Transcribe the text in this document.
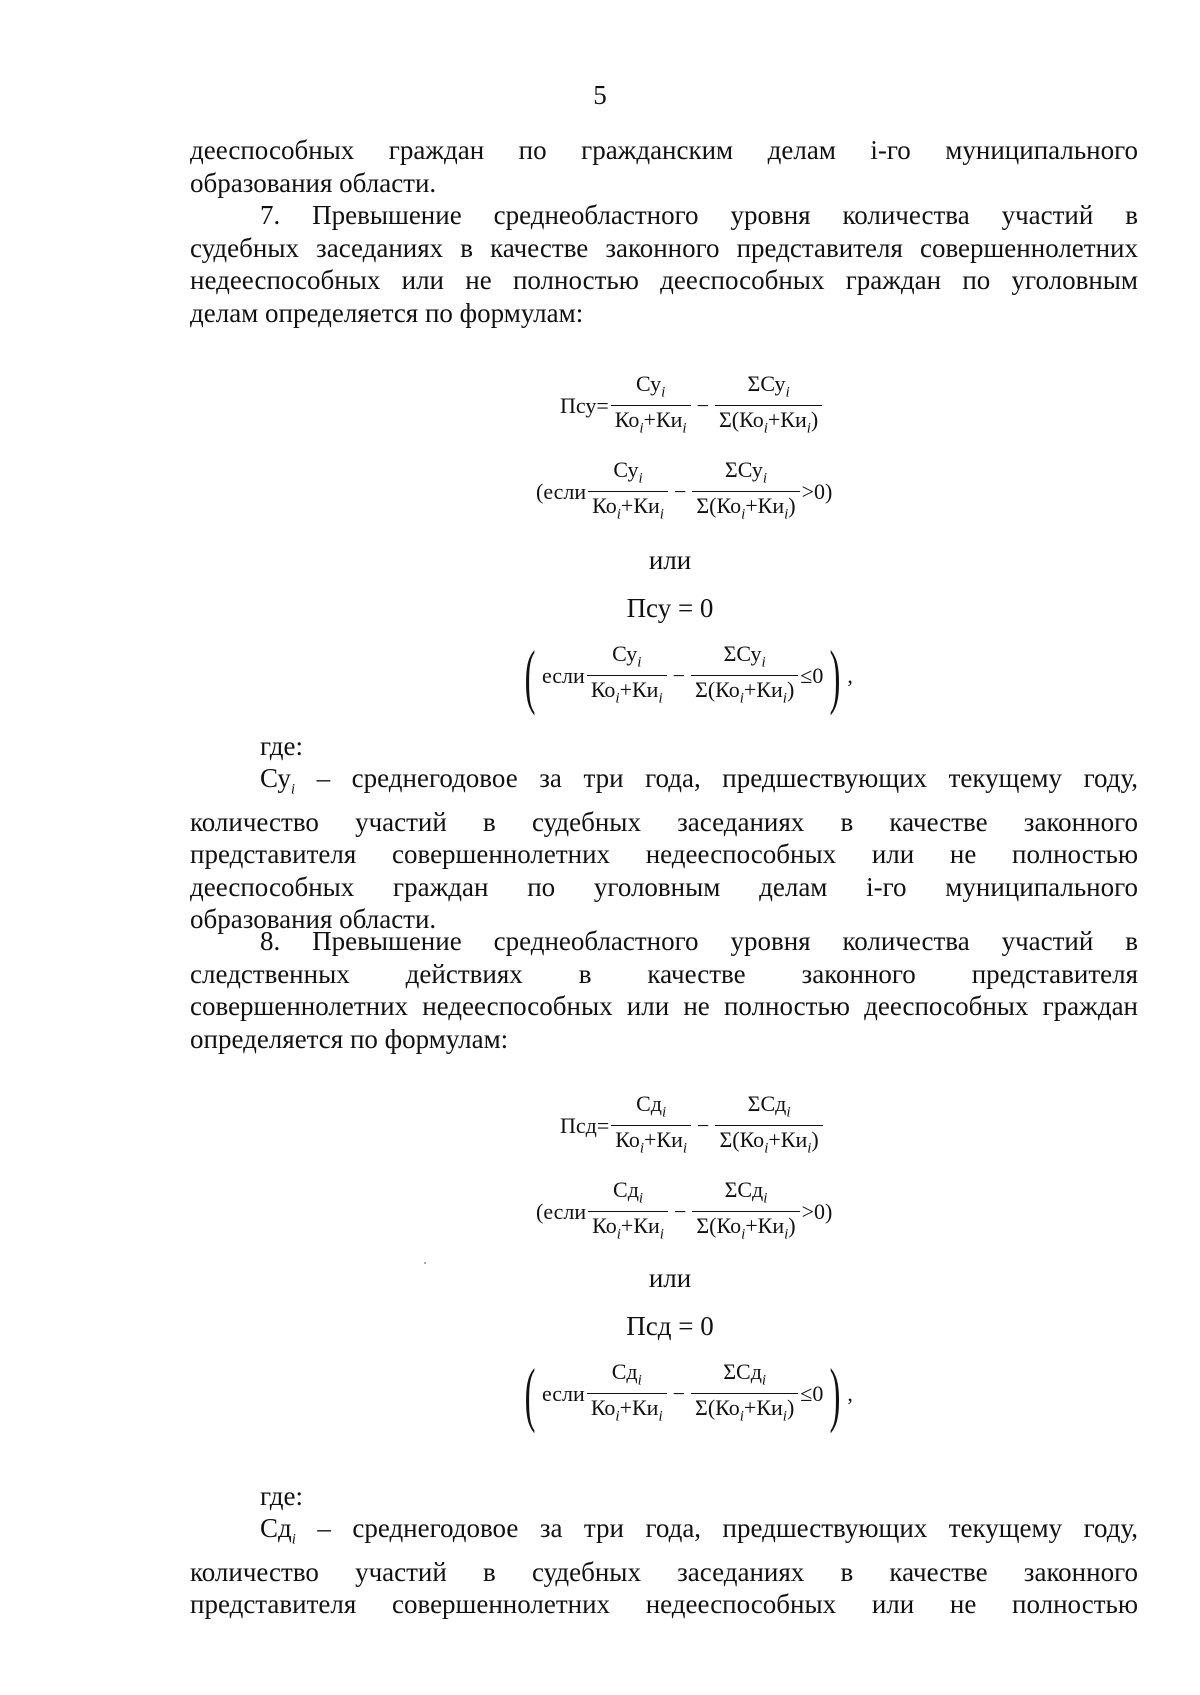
5

дееспособных граждан по гражданским делам i-го муниципального
образования области.

7. Превышение среднеобластного уровня количества участий в
судебных заседаниях в качестве законного представителя совершеннолетних
недееспособных или не полностью дееспособных граждан по уголовным
делам определяется по формулам:

$Псу= \frac{Су_i}{Ко_i+Ки_i} - \frac{\Sigma Су_i}{\Sigma(Ко_i+Ки_i)}$
(если $\frac{Су_i}{Ко_i+Ки_i} - \frac{\Sigma Су_i}{\Sigma(Ко_i+Ки_i)} >0$)
или
Псу = 0
( если $\frac{Су_i}{Ко_i+Ки_i} - \frac{\Sigma Су_i}{\Sigma(Ко_i+Ки_i)} \le 0$ ) ,

где:

$Су_i$ – среднегодовое за три года, предшествующих текущему году,
количество участий в судебных заседаниях в качестве законного
представителя совершеннолетних недееспособных или не полностью
дееспособных граждан по уголовным делам i-го муниципального
образования области.

8. Превышение среднеобластного уровня количества участий в
следственных действиях в качестве законного представителя
совершеннолетних недееспособных или не полностью дееспособных граждан
определяется по формулам:

$Псд= \frac{Сд_i}{Ко_i+Ки_i} - \frac{\Sigma Сд_i}{\Sigma(Ко_i+Ки_i)}$
(если $\frac{Сд_i}{Ко_i+Ки_i} - \frac{\Sigma Сд_i}{\Sigma(Ко_i+Ки_i)} >0$)
или
Псд = 0
( если $\frac{Сд_i}{Ко_i+Ки_i} - \frac{\Sigma Сд_i}{\Sigma(Ко_i+Ки_i)} \le 0$ ) ,

где:

$Сд_i$ – среднегодовое за три года, предшествующих текущему году,
количество участий в судебных заседаниях в качестве законного
представителя совершеннолетних недееспособных или не полностью
